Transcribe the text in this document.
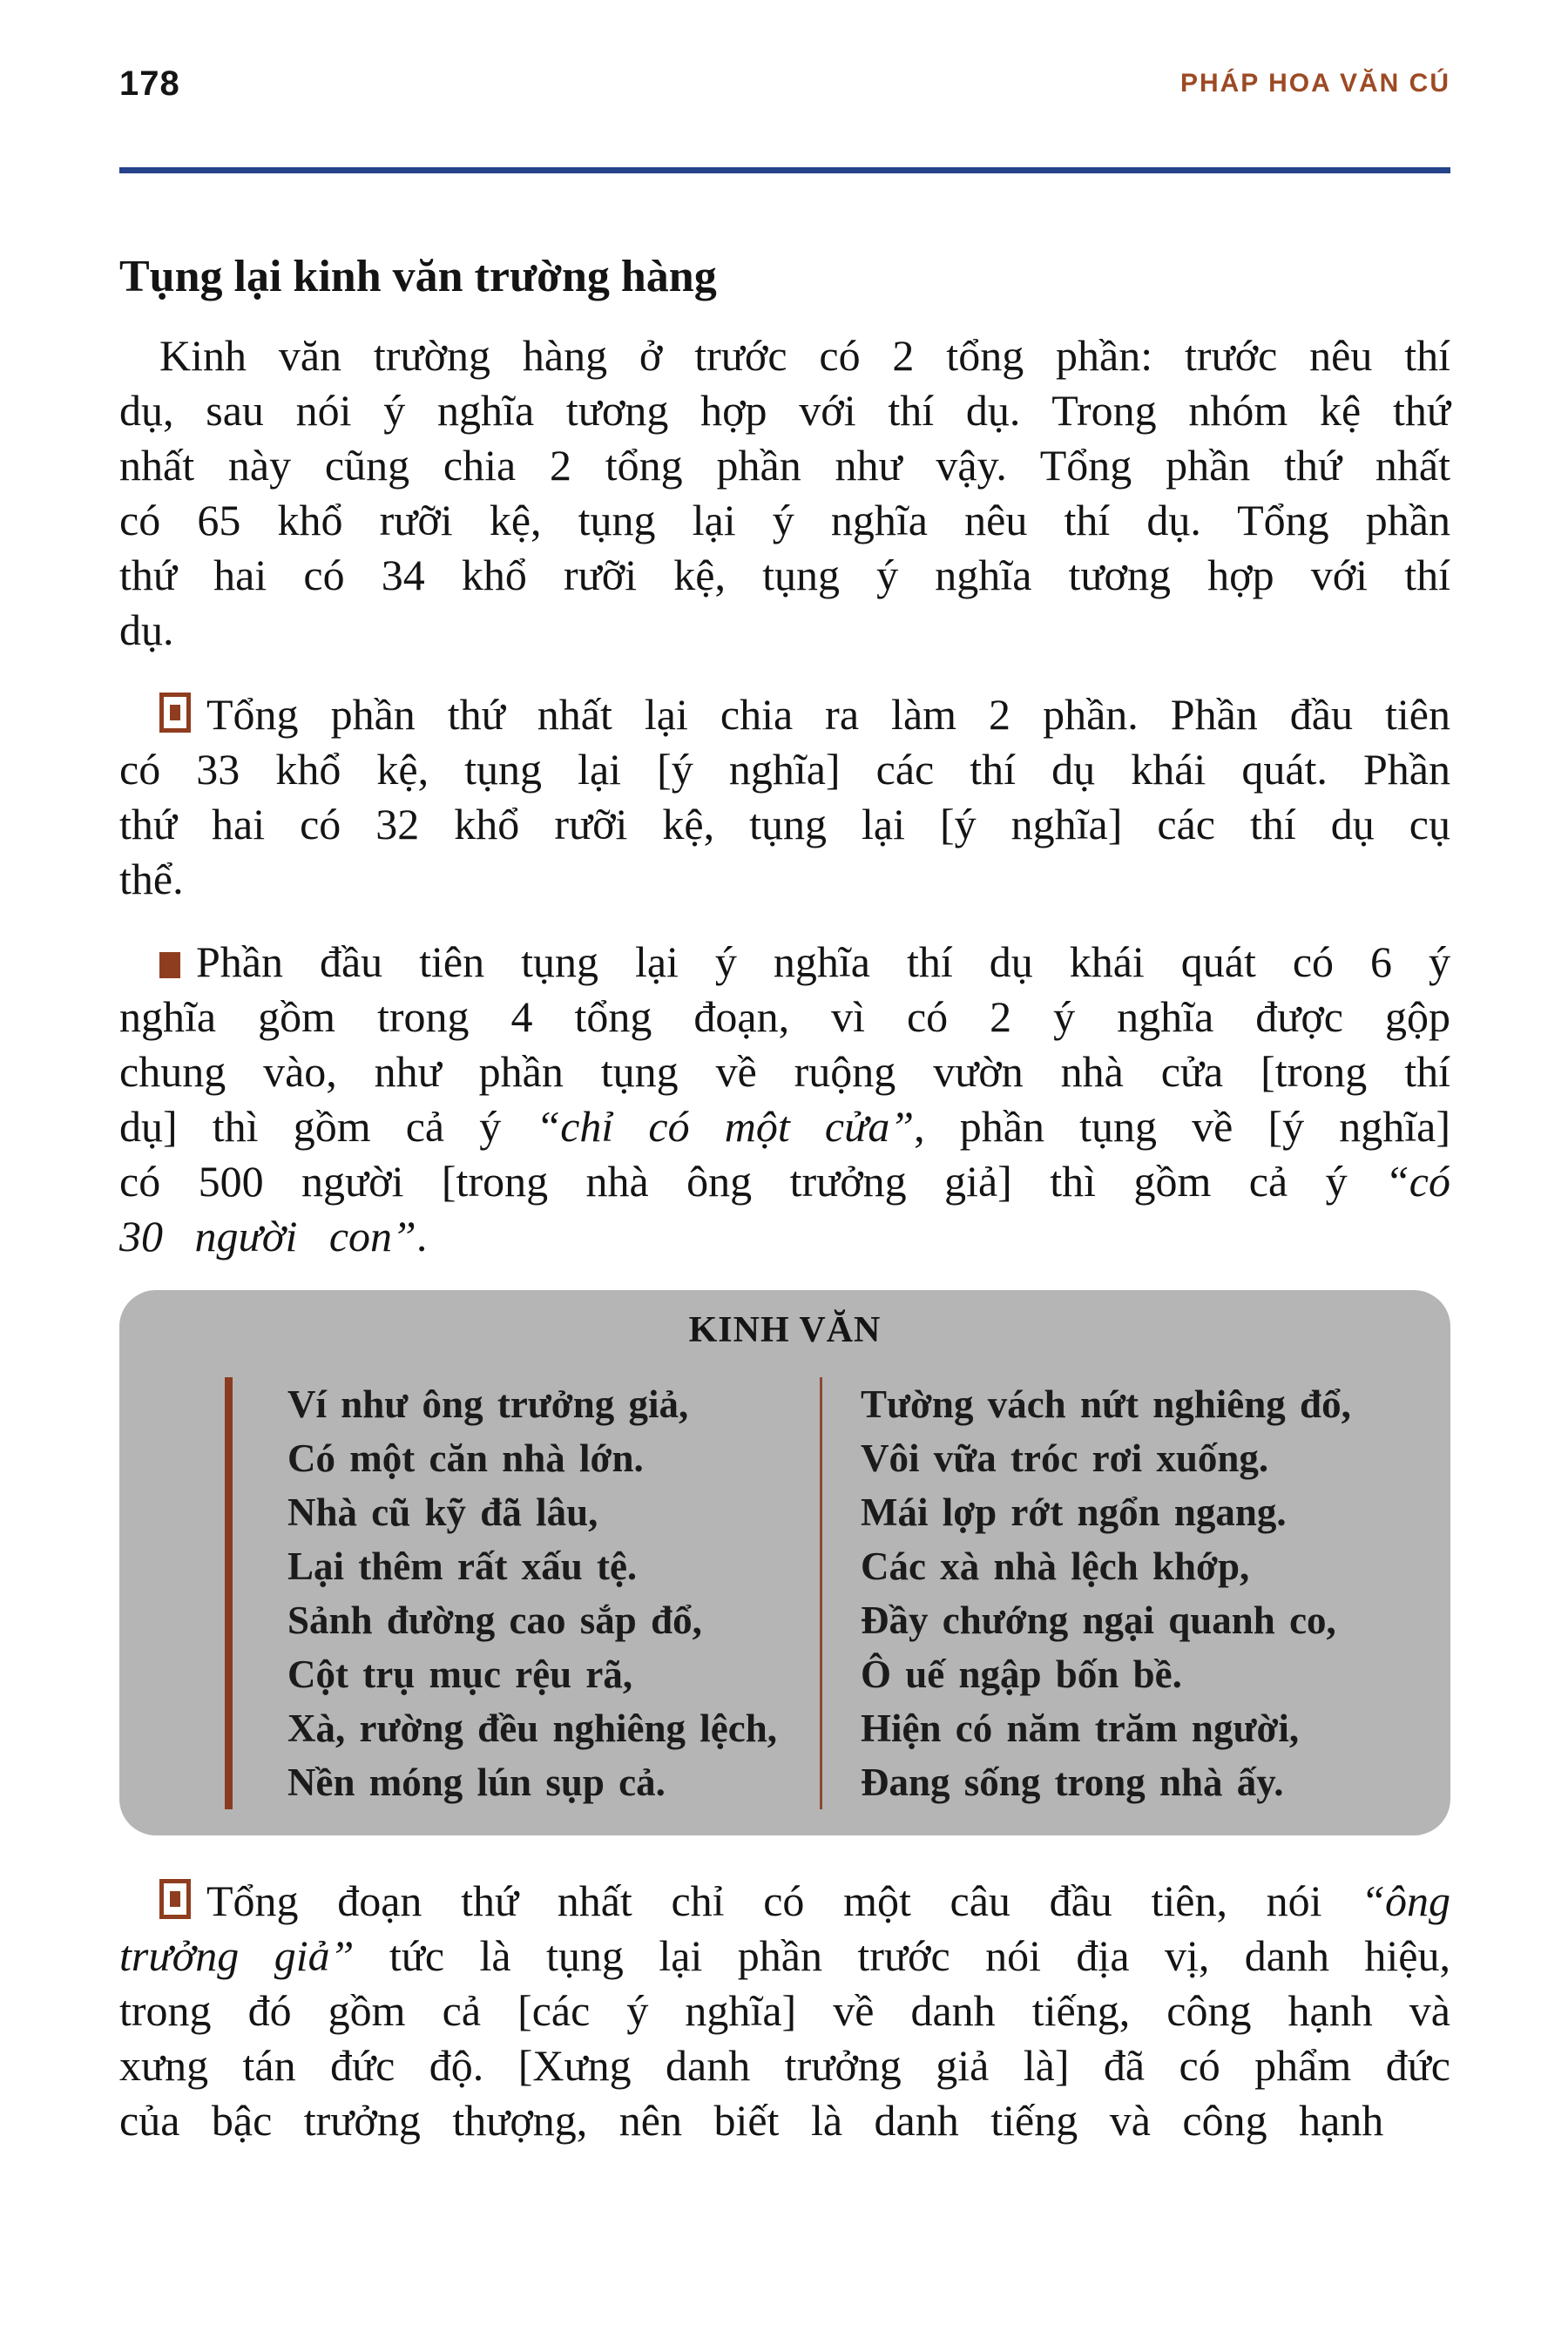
178	PHÁP HOA VĂN CÚ
Tụng lại kinh văn trường hàng

Kinh văn trường hàng ở trước có 2 tổng phần: trước nêu thí dụ, sau nói ý nghĩa tương hợp với thí dụ. Trong nhóm kệ thứ nhất này cũng chia 2 tổng phần như vậy. Tổng phần thứ nhất có 65 khổ rưỡi kệ, tụng lại ý nghĩa nêu thí dụ. Tổng phần thứ hai có 34 khổ rưỡi kệ, tụng ý nghĩa tương hợp với thí dụ.

Tổng phần thứ nhất lại chia ra làm 2 phần. Phần đầu tiên có 33 khổ kệ, tụng lại [ý nghĩa] các thí dụ khái quát. Phần thứ hai có 32 khổ rưỡi kệ, tụng lại [ý nghĩa] các thí dụ cụ thể.

Phần đầu tiên tụng lại ý nghĩa thí dụ khái quát có 6 ý nghĩa gồm trong 4 tổng đoạn, vì có 2 ý nghĩa được gộp chung vào, như phần tụng về ruộng vườn nhà cửa [trong thí dụ] thì gồm cả ý “chỉ có một cửa”, phần tụng về [ý nghĩa] có 500 người [trong nhà ông trưởng giả] thì gồm cả ý “có 30 người con”.

KINH VĂN
Ví như ông trưởng giả,
Có một căn nhà lớn.
Nhà cũ kỹ đã lâu,
Lại thêm rất xấu tệ.
Sảnh đường cao sắp đổ,
Cột trụ mục rệu rã,
Xà, rường đều nghiêng lệch,
Nền móng lún sụp cả.
Tường vách nứt nghiêng đổ,
Vôi vữa tróc rơi xuống.
Mái lợp rớt ngổn ngang.
Các xà nhà lệch khớp,
Đầy chướng ngại quanh co,
Ô uế ngập bốn bề.
Hiện có năm trăm người,
Đang sống trong nhà ấy.

Tổng đoạn thứ nhất chỉ có một câu đầu tiên, nói “ông trưởng giả” tức là tụng lại phần trước nói địa vị, danh hiệu, trong đó gồm cả [các ý nghĩa] về danh tiếng, công hạnh và xưng tán đức độ. [Xưng danh trưởng giả là] đã có phẩm đức của bậc trưởng thượng, nên biết là danh tiếng và công hạnh
